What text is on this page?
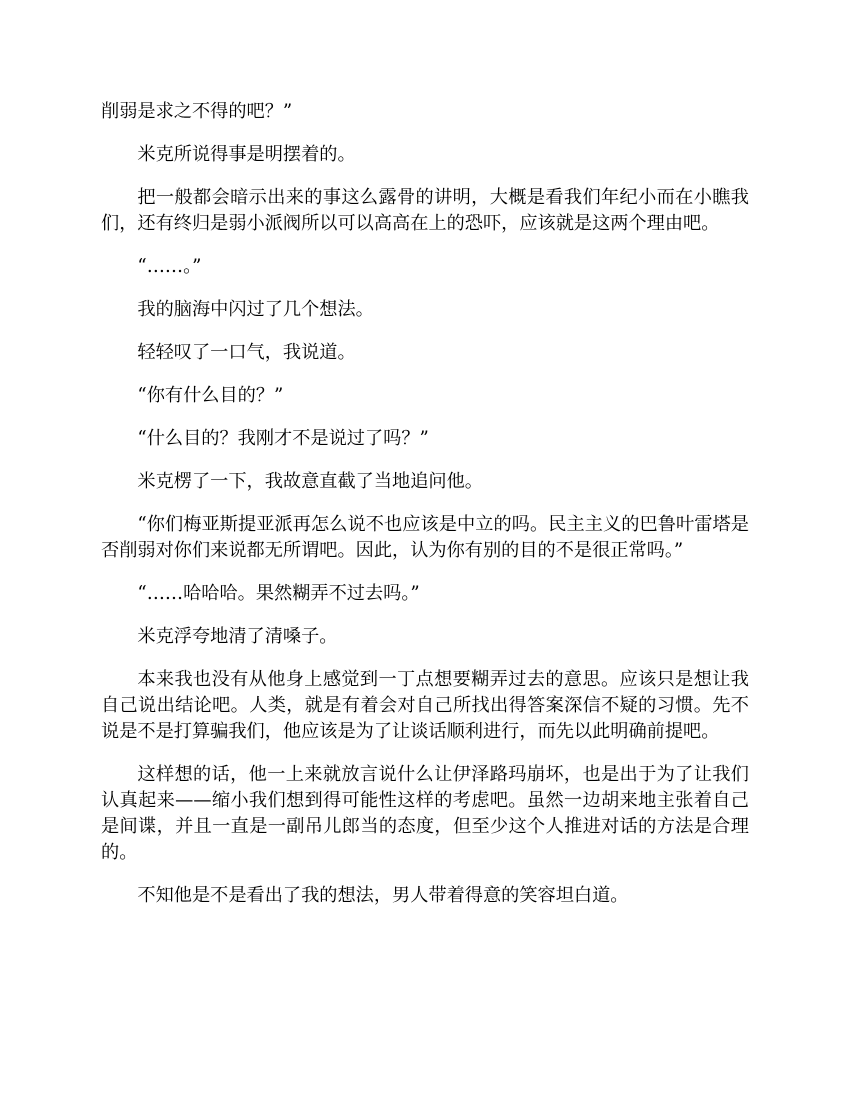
削弱是求之不得的吧？”

米克所说得事是明摆着的。

把一般都会暗示出来的事这么露骨的讲明，大概是看我们年纪小而在小瞧我们，还有终归是弱小派阀所以可以高高在上的恐吓，应该就是这两个理由吧。

“……。”

我的脑海中闪过了几个想法。

轻轻叹了一口气，我说道。

“你有什么目的？”

“什么目的？我刚才不是说过了吗？”

米克楞了一下，我故意直截了当地追问他。

“你们梅亚斯提亚派再怎么说不也应该是中立的吗。民主主义的巴鲁叶雷塔是否削弱对你们来说都无所谓吧。因此，认为你有别的目的不是很正常吗。”

“……哈哈哈。果然糊弄不过去吗。”

米克浮夸地清了清嗓子。

本来我也没有从他身上感觉到一丁点想要糊弄过去的意思。应该只是想让我自己说出结论吧。人类，就是有着会对自己所找出得答案深信不疑的习惯。先不说是不是打算骗我们，他应该是为了让谈话顺利进行，而先以此明确前提吧。

这样想的话，他一上来就放言说什么让伊泽路玛崩坏，也是出于为了让我们认真起来——缩小我们想到得可能性这样的考虑吧。虽然一边胡来地主张着自己是间谍，并且一直是一副吊儿郎当的态度，但至少这个人推进对话的方法是合理的。

不知他是不是看出了我的想法，男人带着得意的笑容坦白道。
